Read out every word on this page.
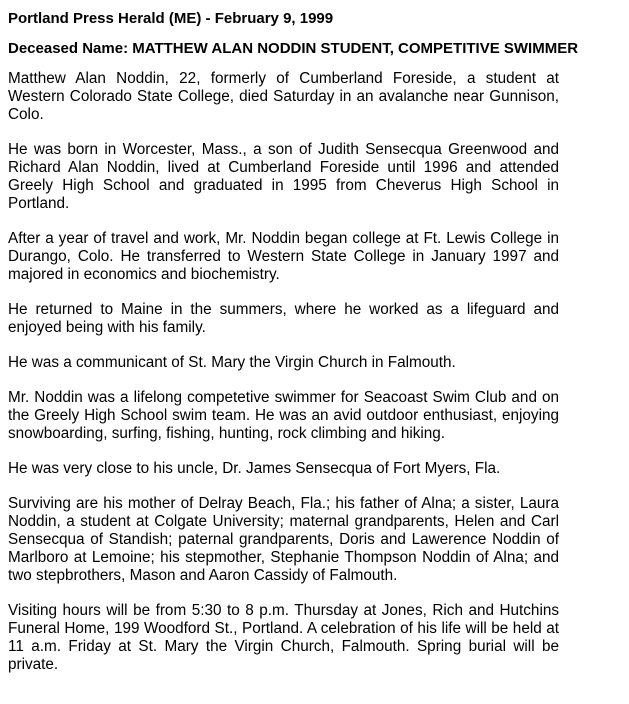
Portland Press Herald (ME) - February 9, 1999
Deceased Name: MATTHEW ALAN NODDIN STUDENT, COMPETITIVE SWIMMER

Matthew Alan Noddin, 22, formerly of Cumberland Foreside, a student at Western Colorado State College, died Saturday in an avalanche near Gunnison, Colo.

He was born in Worcester, Mass., a son of Judith Sensecqua Greenwood and Richard Alan Noddin, lived at Cumberland Foreside until 1996 and attended Greely High School and graduated in 1995 from Cheverus High School in Portland.

After a year of travel and work, Mr. Noddin began college at Ft. Lewis College in Durango, Colo. He transferred to Western State College in January 1997 and majored in economics and biochemistry.

He returned to Maine in the summers, where he worked as a lifeguard and enjoyed being with his family.

He was a communicant of St. Mary the Virgin Church in Falmouth.

Mr. Noddin was a lifelong competetive swimmer for Seacoast Swim Club and on the Greely High School swim team. He was an avid outdoor enthusiast, enjoying snowboarding, surfing, fishing, hunting, rock climbing and hiking.

He was very close to his uncle, Dr. James Sensecqua of Fort Myers, Fla.

Surviving are his mother of Delray Beach, Fla.; his father of Alna; a sister, Laura Noddin, a student at Colgate University; maternal grandparents, Helen and Carl Sensecqua of Standish; paternal grandparents, Doris and Lawerence Noddin of Marlboro at Lemoine; his stepmother, Stephanie Thompson Noddin of Alna; and two stepbrothers, Mason and Aaron Cassidy of Falmouth.

Visiting hours will be from 5:30 to 8 p.m. Thursday at Jones, Rich and Hutchins Funeral Home, 199 Woodford St., Portland. A celebration of his life will be held at 11 a.m. Friday at St. Mary the Virgin Church, Falmouth. Spring burial will be private.
